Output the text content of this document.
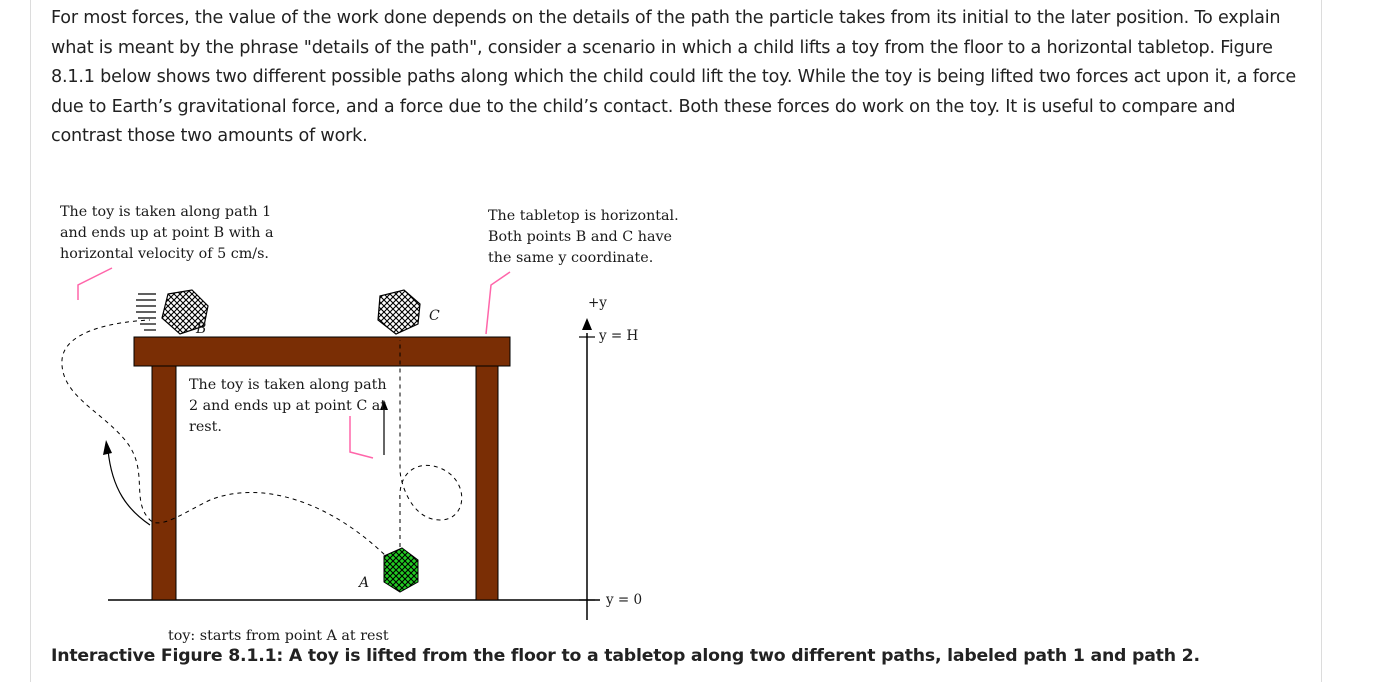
For most forces, the value of the work done depends on the details of the path the particle takes from its initial to the later position. To explain what is meant by the phrase "details of the path", consider a scenario in which a child lifts a toy from the floor to a horizontal tabletop. Figure 8.1.1 below shows two different possible paths along which the child could lift the toy. While the toy is being lifted two forces act upon it, a force due to Earth’s gravitational force, and a force due to the child’s contact. Both these forces do work on the toy. It is useful to compare and contrast those two amounts of work.

B
C
A
+y
y = H
y = 0
The toy is taken along path 1
and ends up at point B with a
horizontal velocity of 5 cm/s.
The tabletop is horizontal.
Both points B and C have
the same y coordinate.
The toy is taken along path
2 and ends up at point C at
rest.
toy: starts from point A at rest

Interactive Figure 8.1.1: A toy is lifted from the floor to a tabletop along two different paths, labeled path 1 and path 2.
